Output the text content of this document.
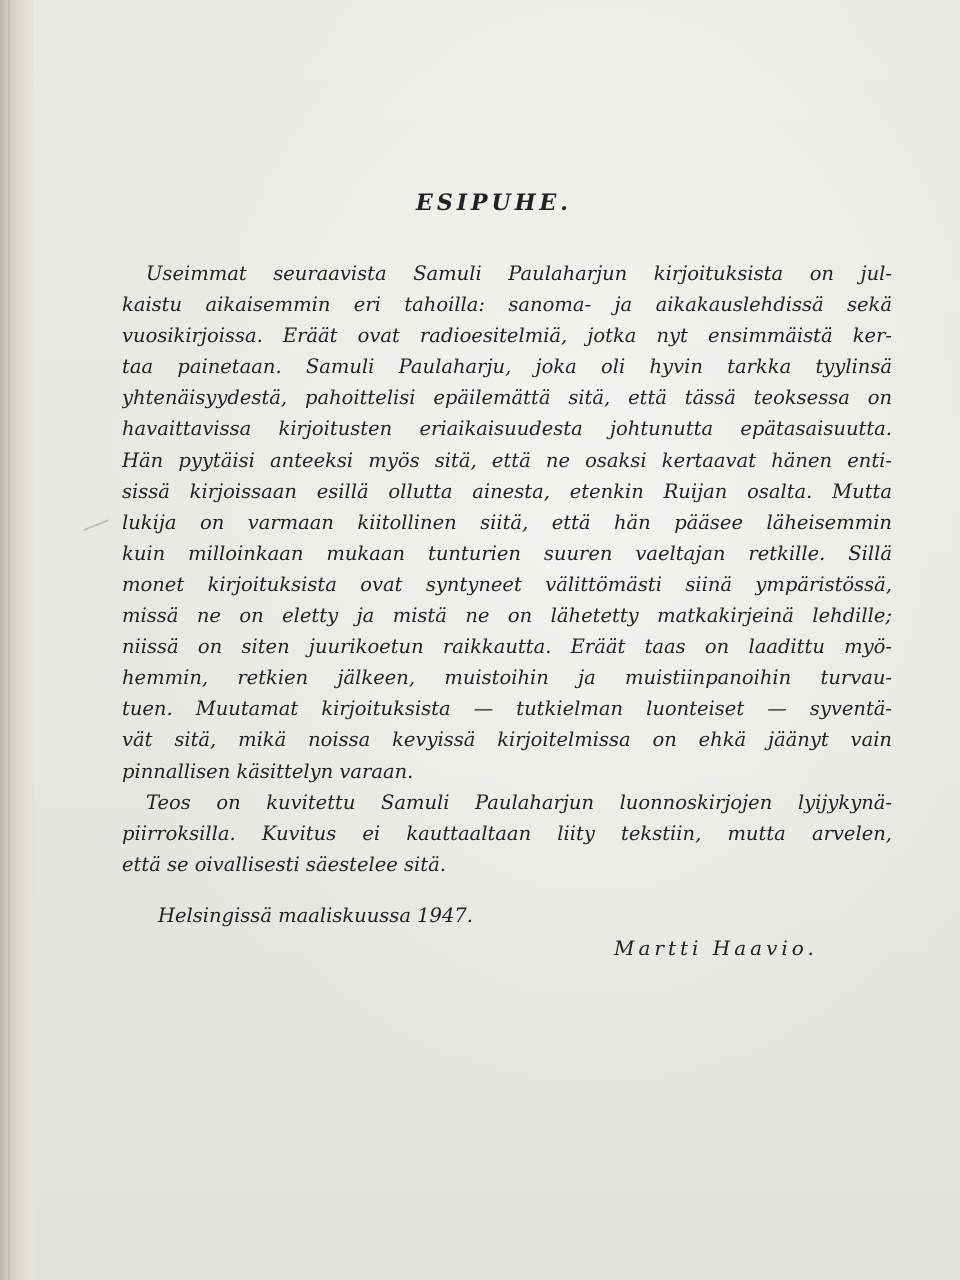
ESIPUHE.
Useimmat seuraavista Samuli Paulaharjun kirjoituksista on jul-
kaistu aikaisemmin eri tahoilla: sanoma- ja aikakauslehdissä sekä
vuosikirjoissa. Eräät ovat radioesitelmiä, jotka nyt ensimmäistä ker-
taa painetaan. Samuli Paulaharju, joka oli hyvin tarkka tyylinsä
yhtenäisyydestä, pahoittelisi epäilemättä sitä, että tässä teoksessa on
havaittavissa kirjoitusten eriaikaisuudesta johtunutta epätasaisuutta.
Hän pyytäisi anteeksi myös sitä, että ne osaksi kertaavat hänen enti-
sissä kirjoissaan esillä ollutta ainesta, etenkin Ruijan osalta. Mutta
lukija on varmaan kiitollinen siitä, että hän pääsee läheisemmin
kuin milloinkaan mukaan tunturien suuren vaeltajan retkille. Sillä
monet kirjoituksista ovat syntyneet välittömästi siinä ympäristössä,
missä ne on eletty ja mistä ne on lähetetty matkakirjeinä lehdille;
niissä on siten juurikoetun raikkautta. Eräät taas on laadittu myö-
hemmin, retkien jälkeen, muistoihin ja muistiinpanoihin turvau-
tuen. Muutamat kirjoituksista — tutkielman luonteiset — syventä-
vät sitä, mikä noissa kevyissä kirjoitelmissa on ehkä jäänyt vain
pinnallisen käsittelyn varaan.
Teos on kuvitettu Samuli Paulaharjun luonnoskirjojen lyijykynä-
piirroksilla. Kuvitus ei kauttaaltaan liity tekstiin, mutta arvelen,
että se oivallisesti säestelee sitä.

Helsingissä maaliskuussa 1947.

Martti Haavio.
